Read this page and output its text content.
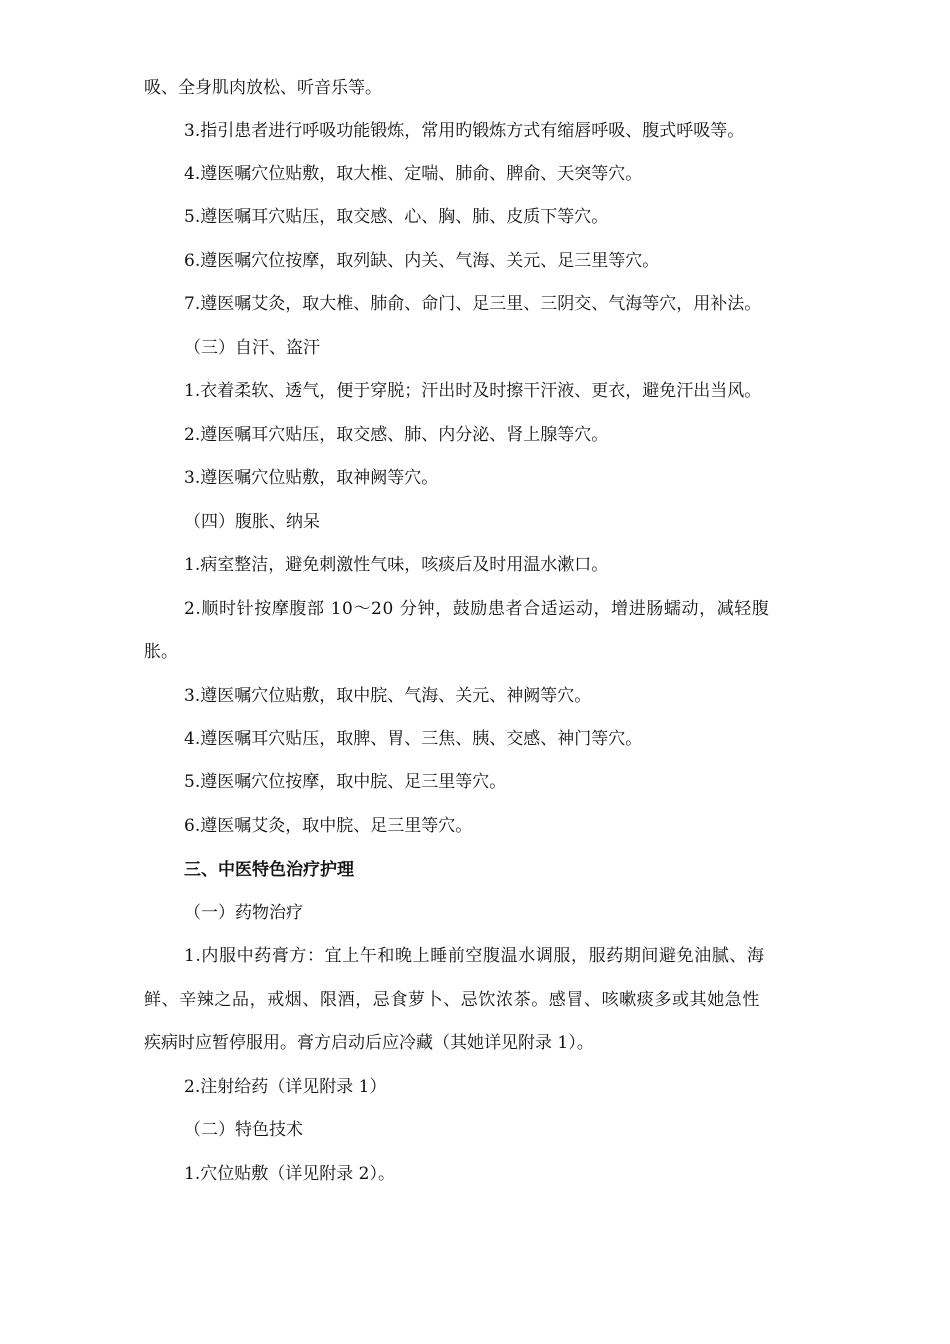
吸、全身肌肉放松、听音乐等。
3.指引患者进行呼吸功能锻炼，常用旳锻炼方式有缩唇呼吸、腹式呼吸等。
4.遵医嘱穴位贴敷，取大椎、定喘、肺俞、脾俞、天突等穴。
5.遵医嘱耳穴贴压，取交感、心、胸、肺、皮质下等穴。
6.遵医嘱穴位按摩，取列缺、内关、气海、关元、足三里等穴。
7.遵医嘱艾灸，取大椎、肺俞、命门、足三里、三阴交、气海等穴，用补法。
（三）自汗、盗汗
1.衣着柔软、透气，便于穿脱；汗出时及时擦干汗液、更衣，避免汗出当风。
2.遵医嘱耳穴贴压，取交感、肺、内分泌、肾上腺等穴。
3.遵医嘱穴位贴敷，取神阙等穴。
（四）腹胀、纳呆
1.病室整洁，避免刺激性气味，咳痰后及时用温水漱口。
2.顺时针按摩腹部 10～20 分钟，鼓励患者合适运动，增进肠蠕动，减轻腹
胀。
3.遵医嘱穴位贴敷，取中脘、气海、关元、神阙等穴。
4.遵医嘱耳穴贴压，取脾、胃、三焦、胰、交感、神门等穴。
5.遵医嘱穴位按摩，取中脘、足三里等穴。
6.遵医嘱艾灸，取中脘、足三里等穴。
三、中医特色治疗护理
（一）药物治疗
1.内服中药膏方：宜上午和晚上睡前空腹温水调服，服药期间避免油腻、海
鲜、辛辣之品，戒烟、限酒，忌食萝卜、忌饮浓茶。感冒、咳嗽痰多或其她急性
疾病时应暂停服用。膏方启动后应冷藏（其她详见附录 1）。
2.注射给药（详见附录 1）
（二）特色技术
1.穴位贴敷（详见附录 2）。
